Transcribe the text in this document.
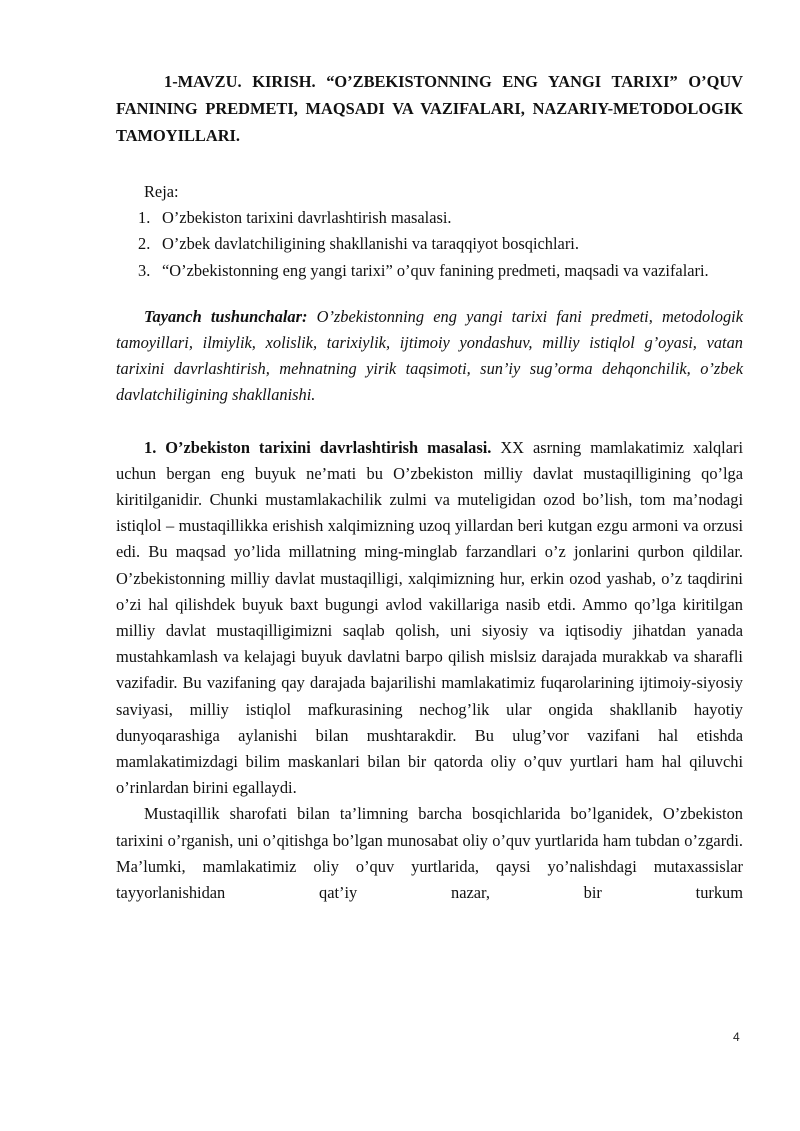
1-MAVZU. KIRISH. “O’ZBEKISTONNING ENG YANGI TARIXI” O’QUV FANINING PREDMETI, MAQSADI VA VAZIFALARI, NAZARIY-METODOLOGIK TAMOYILLARI.

Reja:

1. O’zbekiston tarixini davrlashtirish masalasi.
2. O’zbek davlatchiligining shakllanishi va taraqqiyot bosqichlari.
3. “O’zbekistonning eng yangi tarixi” o’quv fanining predmeti, maqsadi va vazifalari.

Tayanch tushunchalar: O’zbekistonning eng yangi tarixi fani predmeti, metodologik tamoyillari, ilmiylik, xolislik, tarixiylik, ijtimoiy yondashuv, milliy istiqlol g’oyasi, vatan tarixini davrlashtirish, mehnatning yirik taqsimoti, sun’iy sug’orma dehqonchilik, o’zbek davlatchiligining shakllanishi.

1. O’zbekiston tarixini davrlashtirish masalasi. XX asrning mamlakatimiz xalqlari uchun bergan eng buyuk ne’mati bu O’zbekiston milliy davlat mustaqilligining qo’lga kiritilganidir. Chunki mustamlakachilik zulmi va muteligidan ozod bo’lish, tom ma’nodagi istiqlol – mustaqillikka erishish xalqimizning uzoq yillardan beri kutgan ezgu armoni va orzusi edi. Bu maqsad yo’lida millatning ming-minglab farzandlari o’z jonlarini qurbon qildilar. O’zbekistonning milliy davlat mustaqilligi, xalqimizning hur, erkin ozod yashab, o’z taqdirini o’zi hal qilishdek buyuk baxt bugungi avlod vakillariga nasib etdi. Ammo qo’lga kiritilgan milliy davlat mustaqilligimizni saqlab qolish, uni siyosiy va iqtisodiy jihatdan yanada mustahkamlash va kelajagi buyuk davlatni barpo qilish mislsiz darajada murakkab va sharafli vazifadir. Bu vazifaning qay darajada bajarilishi mamlakatimiz fuqarolarining ijtimoiy-siyosiy saviyasi, milliy istiqlol mafkurasining nechog’lik ular ongida shakllanib hayotiy dunyoqarashiga aylanishi bilan mushtarakdir. Bu ulug’vor vazifani hal etishda mamlakatimizdagi bilim maskanlari bilan bir qatorda oliy o’quv yurtlari ham hal qiluvchi o’rinlardan birini egallaydi.

Mustaqillik sharofati bilan ta’limning barcha bosqichlarida bo’lganidek, O’zbekiston tarixini o’rganish, uni o’qitishga bo’lgan munosabat oliy o’quv yurtlarida ham tubdan o’zgardi. Ma’lumki, mamlakatimiz oliy o’quv yurtlarida, qaysi yo’nalishdagi mutaxassislar tayyorlanishidan qat’iy nazar, bir turkum

4
